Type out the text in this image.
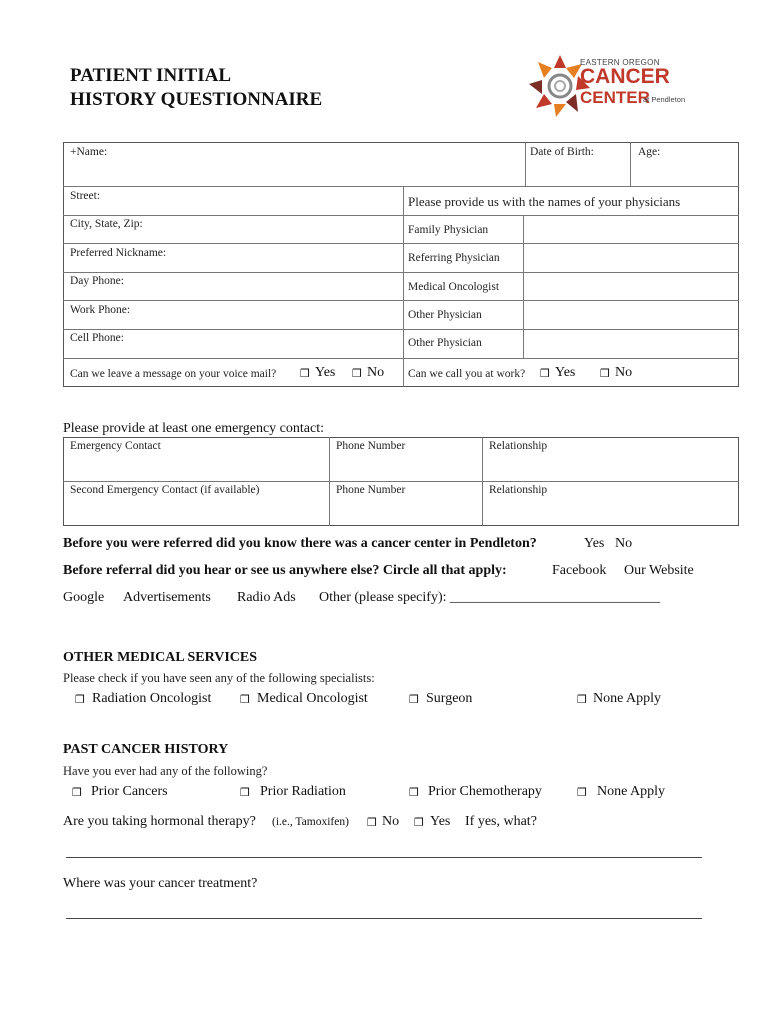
PATIENT INITIAL
HISTORY QUESTIONNAIRE
EASTERN OREGON
CANCER
CENTER
at Pendleton
+Name:	Date of Birth:	Age:
Street:	Please provide us with the names of your physicians
City, State, Zip:	Family Physician
Preferred Nickname:	Referring Physician
Day Phone:	Medical Oncologist
Work Phone:	Other Physician
Cell Phone:	Other Physician
Can we leave a message on your voice mail? ❒ Yes ❒ No Can we call you at work? ❒ Yes ❒ No
Please provide at least one emergency contact:
Emergency Contact	Phone Number	Relationship
Second Emergency Contact (if available)	Phone Number	Relationship
Before you were referred did you know there was a cancer center in Pendleton?	Yes No
Before referral did you hear or see us anywhere else? Circle all that apply:	Facebook Our Website
Google Advertisements Radio Ads Other (please specify): ______________________________
OTHER MEDICAL SERVICES
Please check if you have seen any of the following specialists:
❒ Radiation Oncologist	❒ Medical Oncologist	❒ Surgeon	❒ None Apply
PAST CANCER HISTORY
Have you ever had any of the following?
❒ Prior Cancers	❒ Prior Radiation	❒ Prior Chemotherapy	❒ None Apply
Are you taking hormonal therapy? (i.e., Tamoxifen) ❒ No ❒ Yes If yes, what?
Where was your cancer treatment?
